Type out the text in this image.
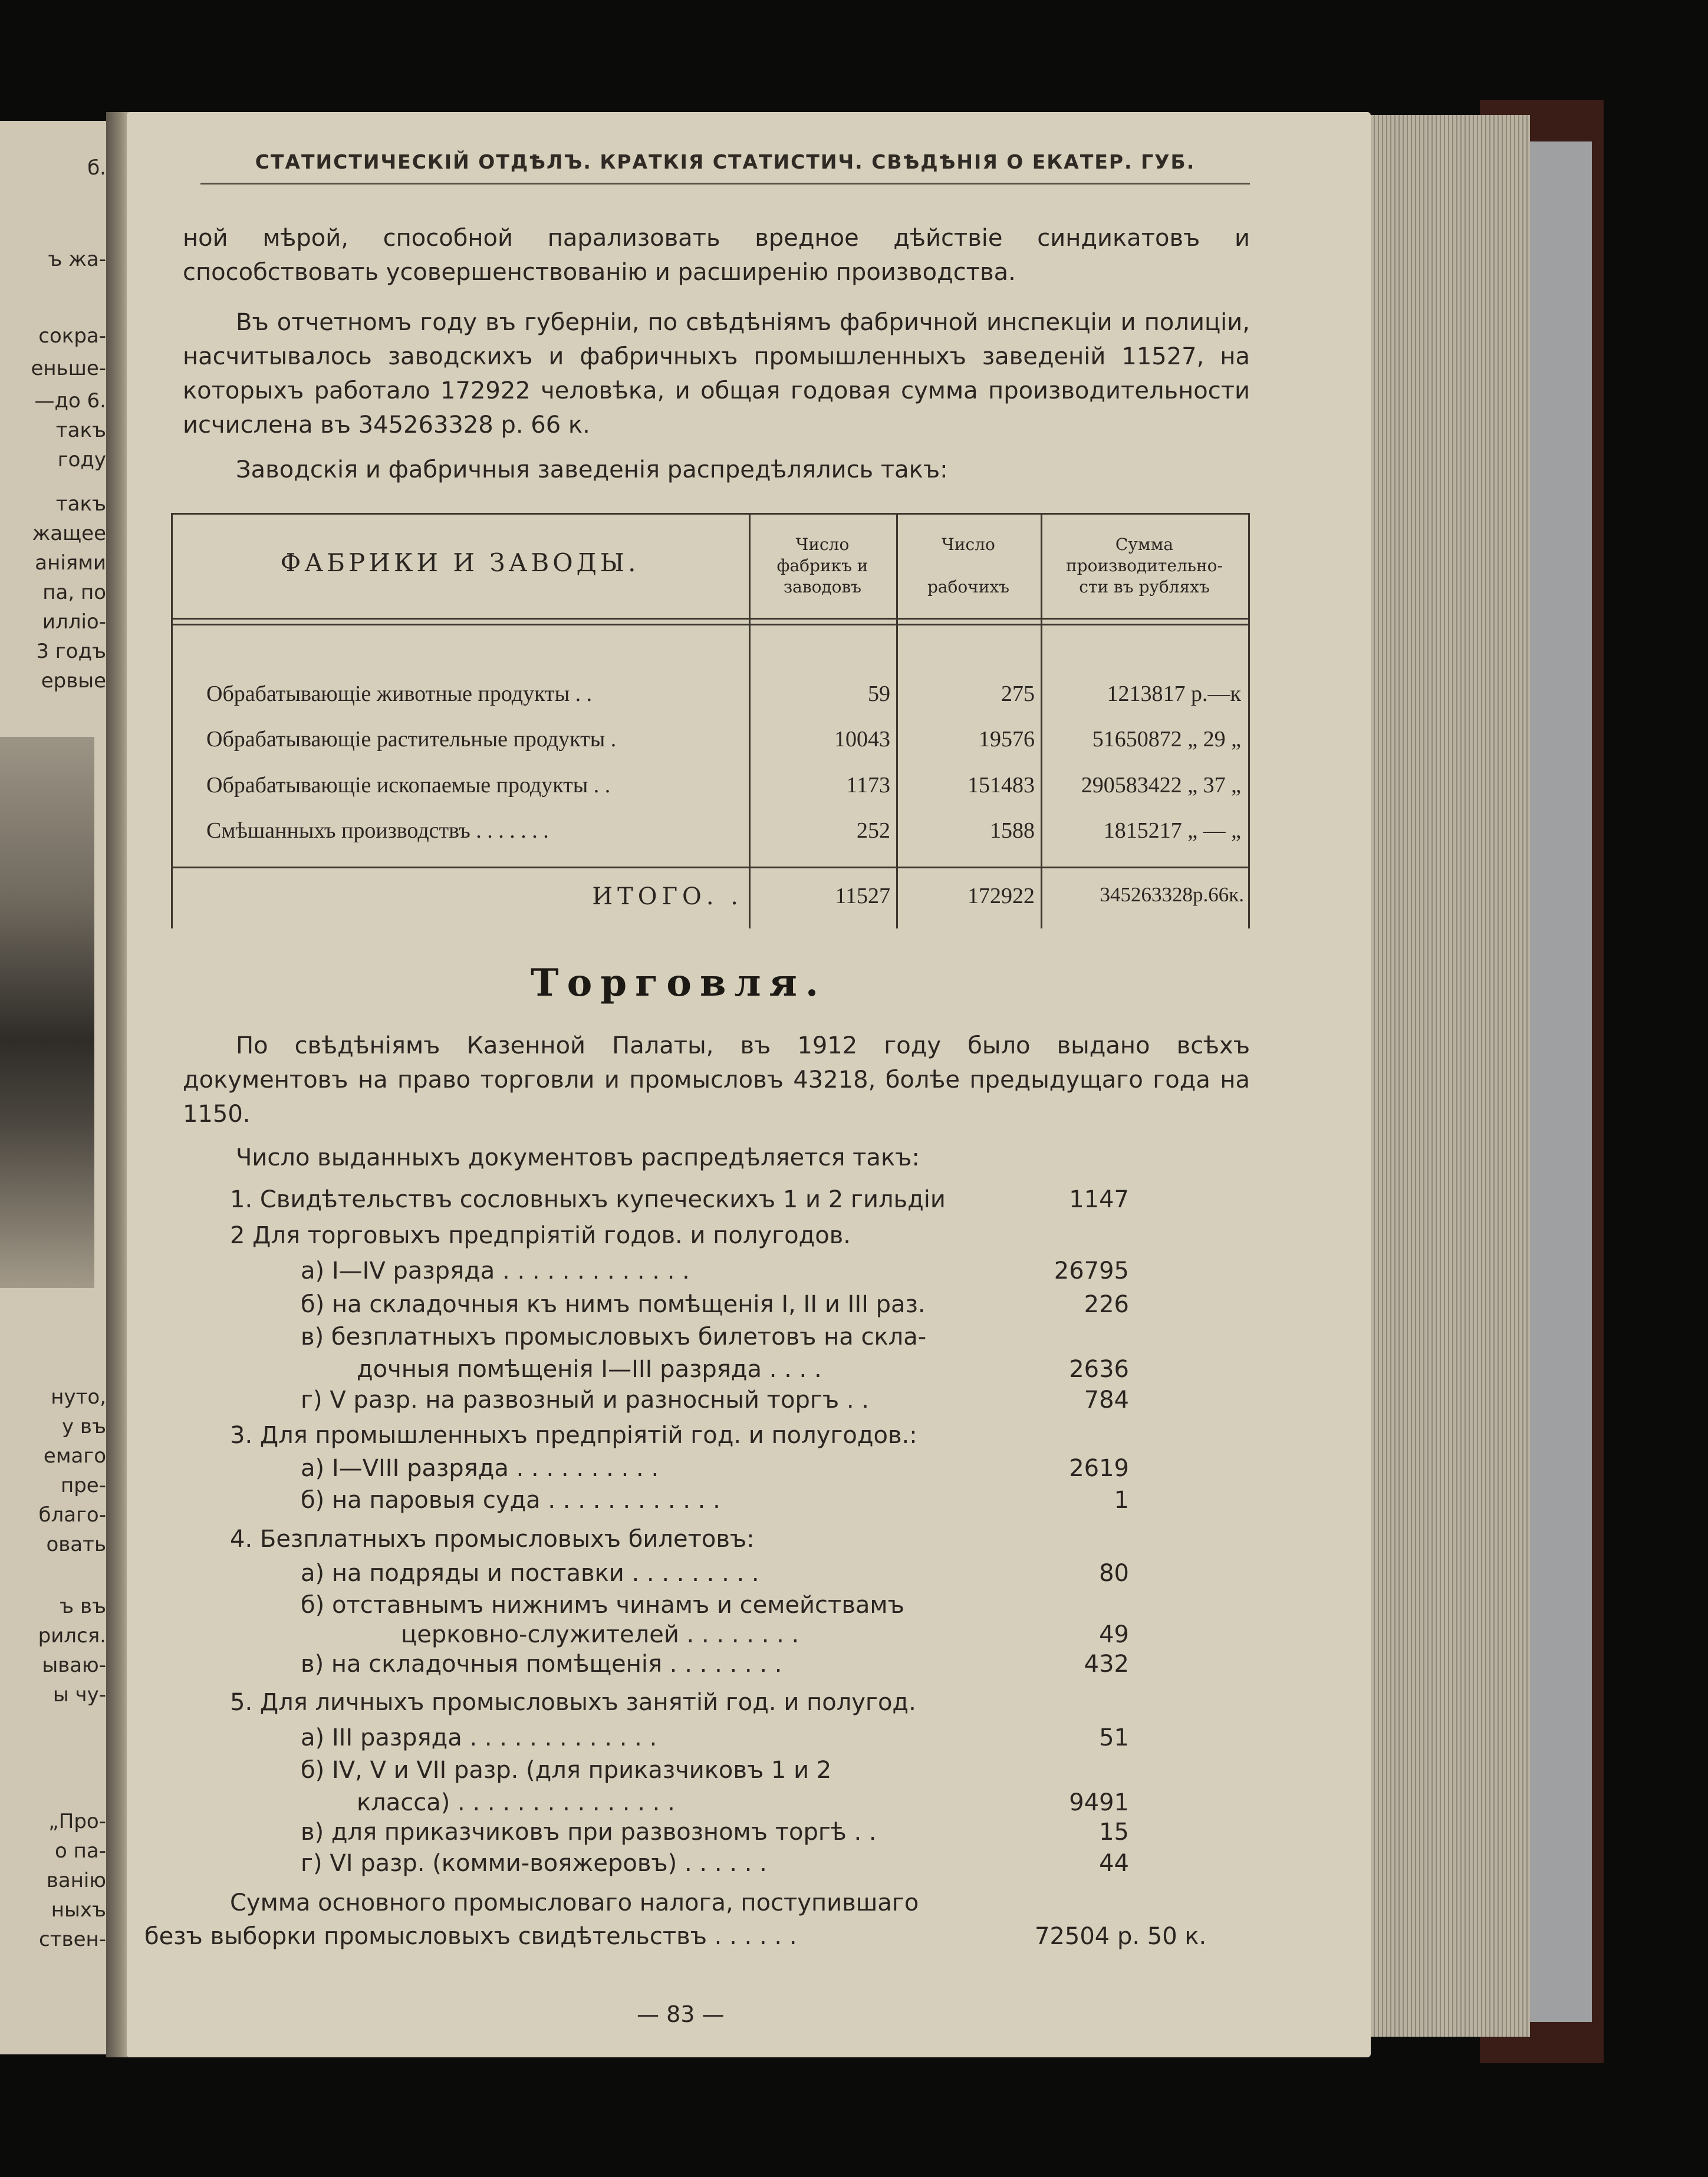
б.
ъ жа-
сокра-
еньше-
—до 6.
такъ
году
такъ
жащее
аніями
па, по
иллiо-
3 годъ
ервые
нуто,
у въ
емаго
пре-
благо-
овать
ъ въ
рился.
ываю-
ы чу-
„Про-
о па-
ванію
ныхъ
ствен-
СТАТИСТИЧЕСКІЙ ОТДѢЛЪ. КРАТКІЯ СТАТИСТИЧ. СВѢДѢНІЯ О ЕКАТЕР. ГУБ.
ной мѣрой, способной парализовать вредное дѣйствіе синдикатовъ и способствовать усовершенствованію и расширенію производства.
Въ отчетномъ году въ губерніи, по свѣдѣніямъ фабричной инспекціи и полиціи, насчитывалось заводскихъ и фабричныхъ промышленныхъ заведеній 11527, на которыхъ работало 172922 человѣка, и общая годовая сумма производительности исчислена въ 345263328 р. 66 к.
Заводскія и фабричныя заведенія распредѣлялись такъ:
ФАБРИКИ И ЗАВОДЫ.
Число
фабрикъ и
заводовъ
Число
рабочихъ
Сумма
производительно-
сти въ рубляхъ
Обрабатывающіе животные продукты . .	59	275	1213817 р.—к
Обрабатывающіе растительные продукты .	10043	19576	51650872 „ 29 „
Обрабатывающіе ископаемые продукты . .	1173	151483	290583422 „ 37 „
Смѣшанныхъ производствъ . . . . . . .	252	1588	1815217 „ — „
ИТОГО. .	11527	172922	345263328р.66к.
Торговля.
По свѣдѣніямъ Казенной Палаты, въ 1912 году было выдано всѣхъ документовъ на право торговли и промысловъ 43218, болѣе предыдущаго года на 1150.
Число выданныхъ документовъ распредѣляется такъ:
1. Свидѣтельствъ сословныхъ купеческихъ 1 и 2 гильдіи	1147
2 Для торговыхъ предпріятій годов. и полугодов.
а) I—IV разряда . . . . . . . . . . . . .	26795
б) на складочныя къ нимъ помѣщенія I, II и III раз.	226
в) безплатныхъ промысловыхъ билетовъ на скла-
дочныя помѣщенія I—III разряда . . . .	2636
г) V разр. на развозный и разносный торгъ . .	784
3. Для промышленныхъ предпріятій год. и полугодов.:
а) I—VIII разряда . . . . . . . . . .	2619
б) на паровыя суда . . . . . . . . . . . .	1
4. Безплатныхъ промысловыхъ билетовъ:
а) на подряды и поставки . . . . . . . . .	80
б) отставнымъ нижнимъ чинамъ и семействамъ
церковно-служителей . . . . . . . .	49
в) на складочныя помѣщенія . . . . . . . .	432
5. Для личныхъ промысловыхъ занятій год. и полугод.
а) III разряда . . . . . . . . . . . . .	51
б) IV, V и VII разр. (для приказчиковъ 1 и 2
класса) . . . . . . . . . . . . . . .	9491
в) для приказчиковъ при развозномъ торгѣ . .	15
г) VI разр. (комми-вояжеровъ) . . . . . .	44
Сумма основного промысловаго налога, поступившаго
безъ выборки промысловыхъ свидѣтельствъ . . . . . .	72504 р. 50 к.
— 83 —
